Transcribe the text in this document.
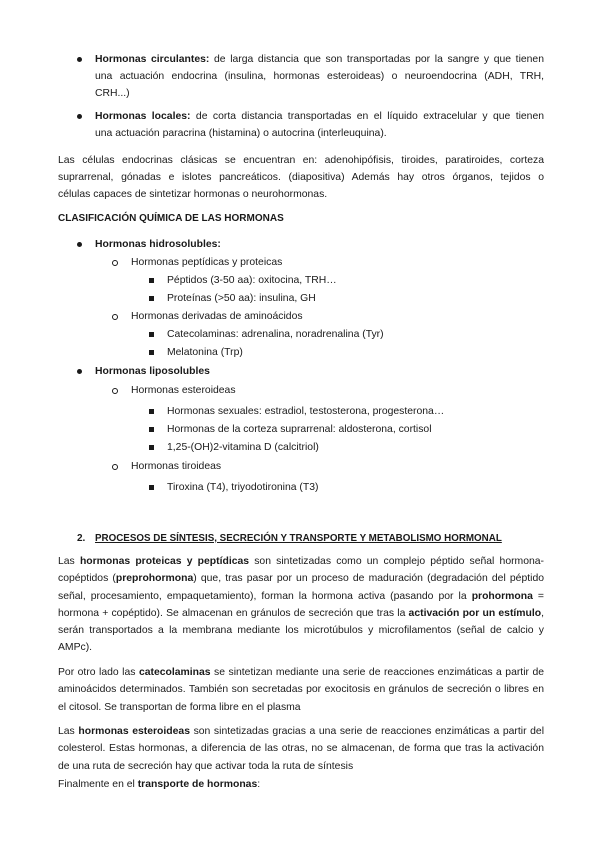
Hormonas circulantes: de larga distancia que son transportadas por la sangre y que tienen
una actuación endocrina (insulina, hormonas esteroideas) o neuroendocrina (ADH, TRH,
CRH...)
Hormonas locales: de corta distancia transportadas en el líquido extracelular y que tienen
una actuación paracrina (histamina) o autocrina (interleuquina).
Las células endocrinas clásicas se encuentran en: adenohipófisis, tiroides, paratiroides, corteza
suprarrenal, gónadas e islotes pancreáticos. (diapositiva) Además hay otros órganos, tejidos o
células capaces de sintetizar hormonas o neurohormonas.
CLASIFICACIÓN QUÍMICA DE LAS HORMONAS
Hormonas hidrosolubles:
Hormonas peptídicas y proteicas
Péptidos (3-50 aa): oxitocina, TRH…
Proteínas (>50 aa): insulina, GH
Hormonas derivadas de aminoácidos
Catecolaminas: adrenalina, noradrenalina (Tyr)
Melatonina (Trp)
Hormonas liposolubles
Hormonas esteroideas
Hormonas sexuales: estradiol, testosterona, progesterona…
Hormonas de la corteza suprarrenal: aldosterona, cortisol
1,25-(OH)2-vitamina D (calcitriol)
Hormonas tiroideas
Tiroxina (T4), triyodotironina (T3)
2. PROCESOS DE SÍNTESIS, SECRECIÓN Y TRANSPORTE Y METABOLISMO HORMONAL
Las hormonas proteicas y peptídicas son sintetizadas como un complejo péptido señal hormona-copéptidos (preprohormona) que, tras pasar por un proceso de maduración (degradación del péptido señal, procesamiento, empaquetamiento), forman la hormona activa (pasando por la prohormona = hormona + copéptido). Se almacenan en gránulos de secreción que tras la activación por un estímulo, serán transportados a la membrana mediante los microtúbulos y microfilamentos (señal de calcio y AMPc).
Por otro lado las catecolaminas se sintetizan mediante una serie de reacciones enzimáticas a partir de aminoácidos determinados. También son secretadas por exocitosis en gránulos de secreción o libres en el citosol. Se transportan de forma libre en el plasma
Las hormonas esteroideas son sintetizadas gracias a una serie de reacciones enzimáticas a partir del colesterol. Estas hormonas, a diferencia de las otras, no se almacenan, de forma que tras la activación de una ruta de secreción hay que activar toda la ruta de síntesis
Finalmente en el transporte de hormonas:
